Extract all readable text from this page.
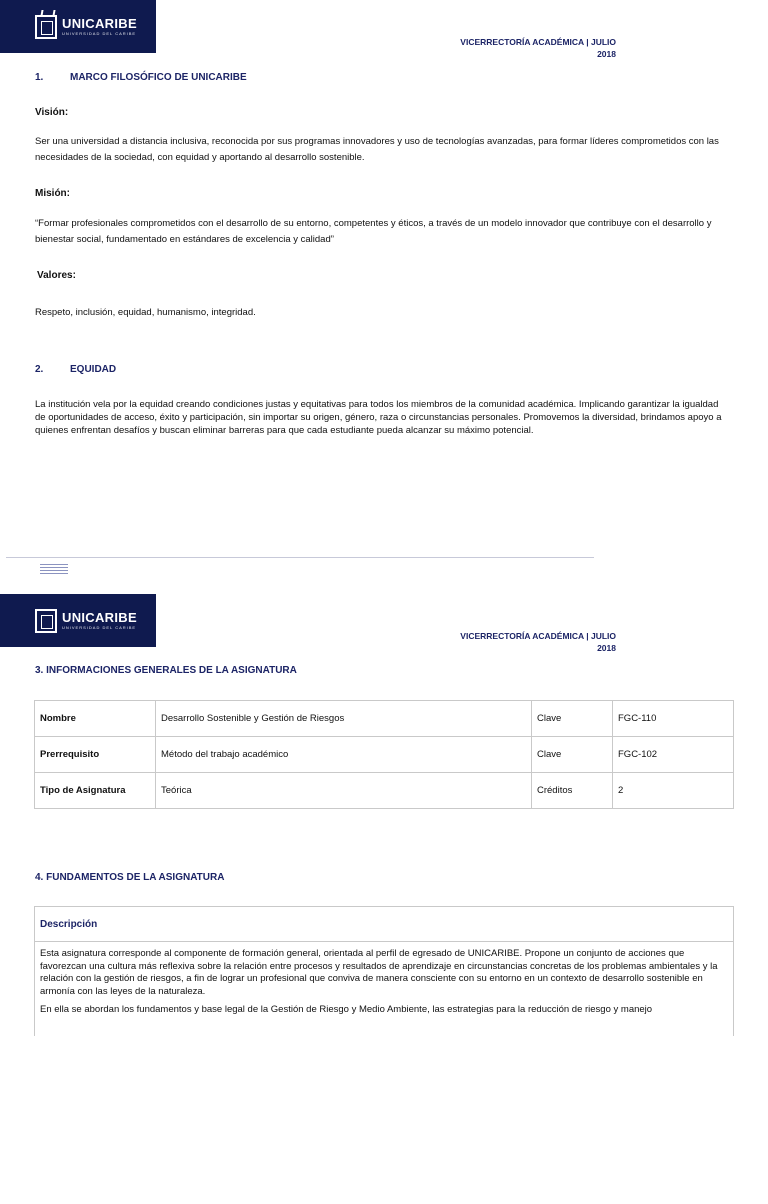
UNICARIBE
UNIVERSIDAD DEL CARIBE
VICERRECTORÍA ACADÉMICA | JULIO
2018
1.	MARCO FILOSÓFICO DE UNICARIBE
Visión:
Ser una universidad a distancia inclusiva, reconocida por sus programas innovadores y uso de tecnologías avanzadas, para formar líderes comprometidos con las necesidades de la sociedad, con equidad y aportando al desarrollo sostenible.
Misión:
“Formar profesionales comprometidos con el desarrollo de su entorno, competentes y éticos, a través de un modelo innovador que contribuye con el desarrollo y bienestar social, fundamentado en estándares de excelencia y calidad”
Valores:
Respeto, inclusión, equidad, humanismo, integridad.
2.	EQUIDAD
La institución vela por la equidad creando condiciones justas y equitativas para todos los miembros de la comunidad académica. Implicando garantizar la igualdad de oportunidades de acceso, éxito y participación, sin importar su origen, género, raza o circunstancias personales. Promovemos la diversidad, brindamos apoyo a quienes enfrentan desafíos y buscan eliminar barreras para que cada estudiante pueda alcanzar su máximo potencial.
UNICARIBE
UNIVERSIDAD DEL CARIBE
VICERRECTORÍA ACADÉMICA | JULIO
2018
3. INFORMACIONES GENERALES DE LA ASIGNATURA
Nombre	Desarrollo Sostenible y Gestión de Riesgos	Clave	FGC-110
Prerrequisito	Método del trabajo académico	Clave	FGC-102
Tipo de Asignatura	Teórica	Créditos	2
4. FUNDAMENTOS DE LA ASIGNATURA
Descripción

Esta asignatura corresponde al componente de formación general, orientada al perfil de egresado de UNICARIBE. Propone un conjunto de acciones que favorezcan una cultura más reflexiva sobre la relación entre procesos y resultados de aprendizaje en circunstancias concretas de los problemas ambientales y la relación con la gestión de riesgos, a fin de lograr un profesional que conviva de manera consciente con su entorno en un contexto de desarrollo sostenible en armonía con las leyes de la naturaleza.

En ella se abordan los fundamentos y base legal de la Gestión de Riesgo y Medio Ambiente, las estrategias para la reducción de riesgo y manejo
